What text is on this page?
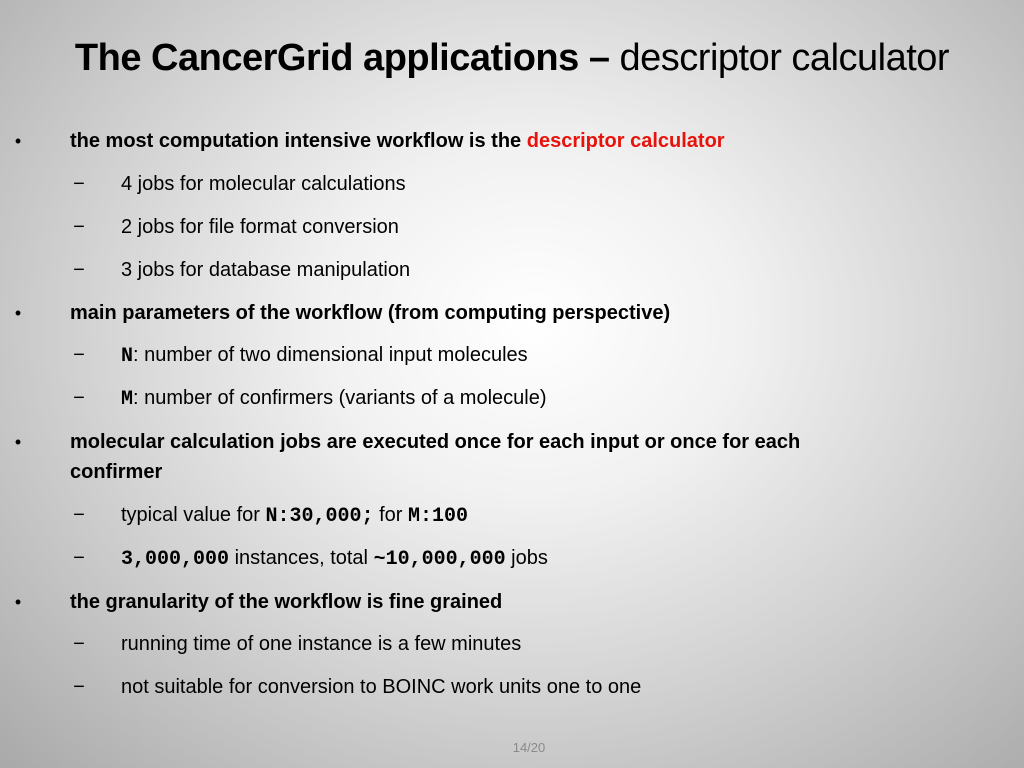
The CancerGrid applications – descriptor calculator
• the most computation intensive workflow is the descriptor calculator
− 4 jobs for molecular calculations
− 2 jobs for file format conversion
− 3 jobs for database manipulation
• main parameters of the workflow (from computing perspective)
− N: number of two dimensional input molecules
− M: number of confirmers (variants of a molecule)
• molecular calculation jobs are executed once for each input or once for each
confirmer
− typical value for N:30,000; for M:100
− 3,000,000 instances, total ~10,000,000 jobs
• the granularity of the workflow is fine grained
− running time of one instance is a few minutes
− not suitable for conversion to BOINC work units one to one
14/20
